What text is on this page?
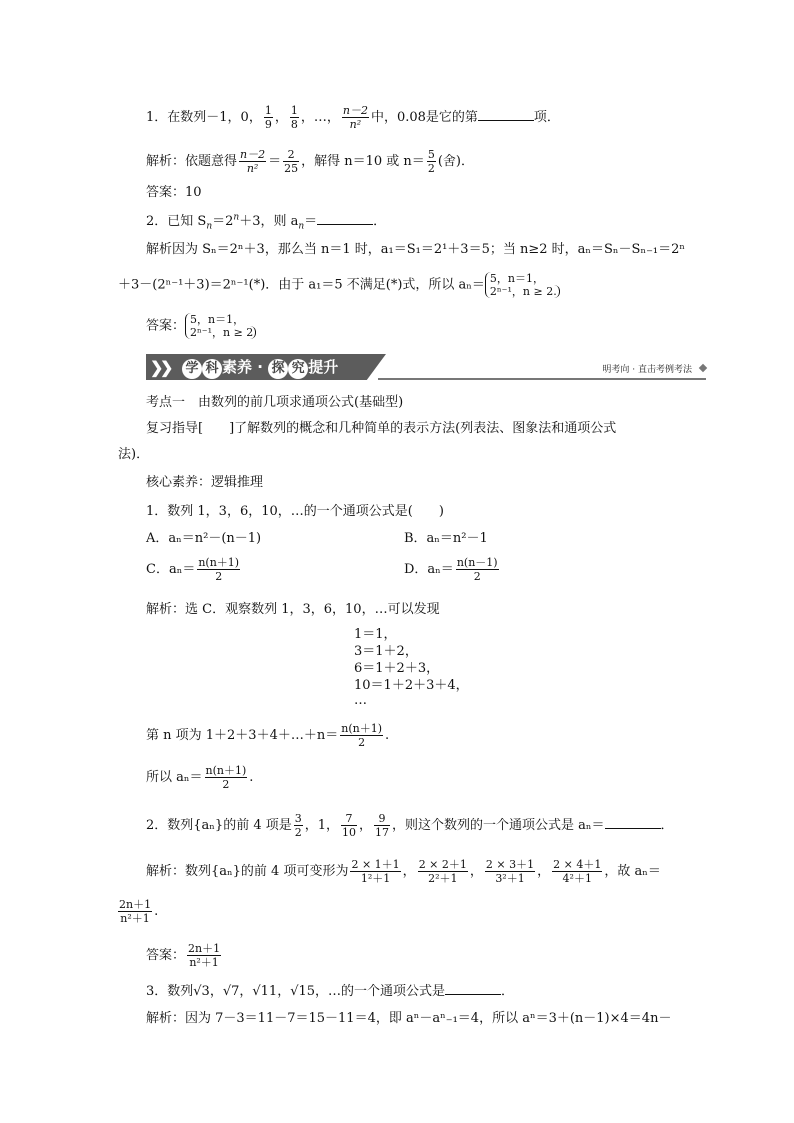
1．在数列－1，0， $\frac{1}{9}$ ， $\frac{1}{8}$ ，…， $\frac{n-2}{\text{n²}}$ 中，0.08是它的第	项．
解析：依题意得 $\frac{n-2}{\text{n²}} = \frac{2}{25}$ ，解得 n＝10 或 $n= \frac{5}{2}$ (舍)．
答案：10
2．已知 $S_n=2^n+3$，则 $a_n=$	．
解析因为 Sₙ＝2ⁿ＋3，那么当 n＝1 时，a₁＝S₁＝2¹＋3＝5；当 n≥2 时，aₙ＝Sₙ－Sₙ₋₁＝2ⁿ
＋3－(2ⁿ⁻¹＋3)＝2ⁿ⁻¹(*)．由于 a₁＝5 不满足(*)式，所以 aₙ＝ 5，n＝1，
2ⁿ⁻¹，n ≥ 2.
答案： 5，n＝1，
2ⁿ⁻¹，n ≥ 2
❯
❯ 学 科 素养 · 探 究 提升	明考向 · 直击考例考法
考点一　由数列的前几项求通项公式(基础型)
复习指导[　　]了解数列的概念和几种简单的表示方法(列表法、图象法和通项公式
法)．
核心素养：逻辑推理
1．数列 1，3，6，10，…的一个通项公式是(　　)
A．aₙ＝n²－(n－1)	B．aₙ＝n²－1
C．$a_n= \frac{n(n+1)}{2}$	D．$a_n= \frac{n(n-1)}{2}$
解析：选 C．观察数列 1，3，6，10，…可以发现
1＝1，
3＝1＋2，
6＝1＋2＋3，
10＝1＋2＋3＋4，
…
第 n 项为 1＋2＋3＋4＋…＋n＝ $\frac{n(n+1)}{2}$ .
所以 $a_n= \frac{n(n+1)}{2}$ .
2．数列{aₙ}的前 4 项是 $\frac{3}{2}$ ，1， $\frac{7}{10}$ ， $\frac{9}{17}$ ，则这个数列的一个通项公式是 aₙ＝	．
解析：数列{aₙ}的前 4 项可变形为 $\frac{2 \times 1+1}{\text{1²＋1}}$ ， $\frac{2 \times 2+1}{\text{2²＋1}}$ ， $\frac{2 \times 3+1}{\text{3²＋1}}$ ， $\frac{2 \times 4+1}{\text{4²＋1}}$ ，故 aₙ＝
$\frac{2n+1}{\text{n²＋1}}$ .
答案： $\frac{2n+1}{\text{n²＋1}}$
3．数列√3，√7，√11，√15，…的一个通项公式是	．
解析：因为 7－3＝11－7＝15－11＝4，即 aⁿ－aⁿ₋₁＝4，所以 aⁿ＝3＋(n－1)×4＝4n－
